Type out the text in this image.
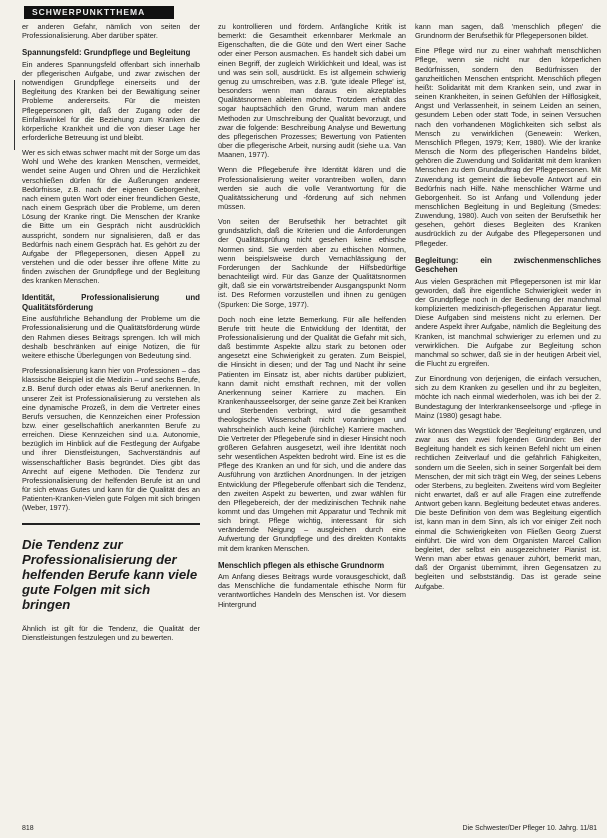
SCHWERPUNKTTHEMA

er anderen Gefahr, nämlich von seiten der Professionalisierung. Aber darüber später.

Spannungsfeld: Grundpflege und Begleitung

Ein anderes Spannungsfeld offenbart sich innerhalb der pflegerischen Aufgabe, und zwar zwischen der notwendigen Grundpflege einerseits und der Begleitung des Kranken bei der Bewältigung seiner Probleme andererseits. Für die meisten Pflegepersonen gilt, daß der Zugang oder der Einfallswinkel für die Beziehung zum Kranken die körperliche Krankheit und die von dieser Lage her erforderliche Betreuung ist und bleibt.

Wer es sich etwas schwer macht mit der Sorge um das Wohl und Wehe des kranken Menschen, vermeidet, wendet seine Augen und Ohren und die Herzlichkeit verschließen dürfen für die Äußerungen anderer Bedürfnisse, z.B. nach der eigenen Geborgenheit, nach einem guten Wort oder einer freundlichen Geste, nach einem Gespräch über die Probleme, um deren Lösung der Kranke ringt. Die Menschen der Kranke die Bitte um ein Gespräch nicht ausdrücklich ausspricht, sondern nur signalisieren, daß er das Bedürfnis nach einem Gespräch hat. Es gehört zu der Aufgabe der Pflegepersonen, diesen Appell zu verstehen und die oder besser ihre offene Mitte zu finden zwischen der Grundpflege und der Begleitung des kranken Menschen.

Identität, Professionalisierung und Qualitätsförderung

Eine ausführliche Behandlung der Probleme um die Professionalisierung und die Qualitätsförderung würde den Rahmen dieses Beitrags sprengen. Ich will mich deshalb beschränken auf einige Notizen, die für weitere ethische Überlegungen von Bedeutung sind.

Professionalisierung kann hier von Professionen – das klassische Beispiel ist die Medizin – und sechs Berufe, z.B. Beruf durch oder etwas als Beruf anerkennen. In unserer Zeit ist Professionalisierung zu verstehen als eine dynamische Prozeß, in dem die Vertreter eines Berufs versuchen, die Kennzeichen einer Profession bzw. einer gesellschaftlich anerkannten Berufe zu erreichen. Diese Kennzeichen sind u.a. Autonomie, bezüglich im Hinblick auf die Festlegung der Aufgabe und ihrer Dienstleistungen, Sachverständnis auf wissenschaftlicher Basis begründet. Dies gibt das Anrecht auf eigene Methoden. Die Tendenz zur Professionalisierung der helfenden Berufe ist an und für sich etwas Gutes und kann für die Qualität des an Patienten-Kranken-Vielen gute Folgen mit sich bringen (Weber, 1977).

Die Tendenz zur Professionalisierung der helfenden Berufe kann viele gute Folgen mit sich bringen

Ähnlich ist gilt für die Tendenz, die Qualität der Dienstleistungen festzulegen und zu bewerten.

zu kontrollieren und fördern. Anfängliche Kritik ist bemerkt: die Gesamtheit erkennbarer Merkmale an Eigenschaften, die die Güte und den Wert einer Sache oder einer Person ausmachen. Es handelt sich dabei um einen Begriff, der zugleich Wirklichkeit und Ideal, was ist und was sein soll, ausdrückt. Es ist allgemein schwierig genug zu umschreiben, was z.B. 'gute ideale Pflege' ist, besonders wenn man daraus ein akzeptables Qualitätsnormen ableiten möchte. Trotzdem erhält das sogar hauptsächlich den Grund, warum man andere Methoden zur Umschreibung der Qualität bevorzugt, und zwar die folgende: Beschreibung Analyse und Bewertung des pflegerischen Prozesses; Bewertung von Patienten über die pflegerische Arbeit, nursing audit (siehe u.a. Van Maanen, 1977).

Wenn die Pflegeberufe ihre Identität klären und die Professionalisierung weiter vorantreiben wollen, dann werden sie auch die volle Verantwortung für die Qualitätssicherung und -förderung auf sich nehmen müssen.

Von seiten der Berufsethik her betrachtet gilt grundsätzlich, daß die Kriterien und die Anforderungen der Qualitätsprüfung nicht gesehen keine ethische Normen sind. Sie werden aber zu ethischen Normen, wenn beispielsweise durch Vernachlässigung der Forderungen der Sachkunde der Hilfsbedürftige benachteiligt wird. Für das Ganze der Qualitätsnormen gilt, daß sie ein vorwärtstreibender Ausgangspunkt Norm ist. Des Reformen vorzustellen und ihnen zu genügen (Spurken: Die Sorge, 1977).

Doch noch eine letzte Bemerkung. Für alle helfenden Berufe tritt heute die Entwicklung der Identität, der Professionalisierung und der Qualität die Gefahr mit sich, daß bestimmte Aspekte allzu stark zu betonen oder angesetzt eine Schwierigkeit zu geraten. Zum Beispiel, die Hinsicht in diesen; und der Tag und Nacht ihr seine Patienten im Einsatz ist, aber nichts darüber publiziert, kann damit nicht ernsthaft rechnen, mit der vollen Anerkennung seiner Karriere zu machen. Ein Krankenhausseelsorger, der seine ganze Zeit bei Kranken und Sterbenden verbringt, wird die gesamtheit theologische Wissenschaft nicht voranbringen und wahrscheinlich auch keine (kirchliche) Karriere machen. Die Vertreter der Pflegeberufe sind in dieser Hinsicht noch größeren Gefahren ausgesetzt, weil ihre Identität noch sehr wesentlichen Aspekten bedroht wird. Eine ist es die Pflege des Kranken an und für sich, und die andere das Ausführung von ärztlichen Anordnungen. In der jetzigen Entwicklung der Pflegeberufe offenbart sich die Tendenz, den zweiten Aspekt zu bewerten, und zwar wählen für den Pflegebereich, der der medizinischen Technik nahe kommt und das Umgehen mit Apparatur und Technik mit sich bringt. Pflege wichtig, interessant für sich verändernde Neigung – ausgleichen durch eine Aufwertung der Grundpflege und des direkten Kontakts mit dem kranken Menschen.

Menschlich pflegen als ethische Grundnorm

Am Anfang dieses Beitrags wurde vorausgeschickt, daß das Menschliche die fundamentale ethische Norm für verantwortliches Handeln des Menschen ist. Vor diesem Hintergrund

kann man sagen, daß 'menschlich pflegen' die Grundnorm der Berufsethik für Pflegepersonen bildet.

Eine Pflege wird nur zu einer wahrhaft menschlichen Pflege, wenn sie nicht nur den körperlichen Bedürfnissen, sondern den Bedürfnissen der ganzheitlichen Menschen entspricht. Menschlich pflegen heißt: Solidarität mit dem Kranken sein, und zwar in seinen Krankheiten, in seinen Gefühlen der Hilflosigkeit, Angst und Verlassenheit, in seinem Leiden an seinen, gesundem Leben oder statt Tode, in seinen Versuchen nach den vorhandenen Möglichkeiten sich selbst als Mensch zu verwirklichen (Genewein: Werken, Menschlich Pflegen, 1979; Kerr, 1980). Wie der kranke Mensch die Norm des pflegerischen Handelns bildet, gehören die Zuwendung und Solidarität mit dem kranken Menschen zu dem Grundauftrag der Pflegepersonen. Mit Zuwendung ist gemeint die liebevolle Antwort auf ein Bedürfnis nach Hilfe. Nähe menschlicher Wärme und Geborgenheit. So ist Anfang und Vollendung jeder menschlichen Begleitung in und Begleitung (Smedes: Zuwendung, 1980). Auch von seiten der Berufsethik her gesehen, gehört dieses Begleiten des Kranken ausdrücklich zu der Aufgabe des Pflegepersonen und Pflegeder.

Begleitung: ein zwischenmenschliches Geschehen

Aus vielen Gesprächen mit Pflegepersonen ist mir klar geworden, daß ihre eigentliche Schwierigkeit weder in der Grundpflege noch in der Bedienung der manchmal komplizierten medizinisch-pflegerischen Apparatur liegt. Diese Aufgaben sind meistens nicht zu erlernen. Der andere Aspekt ihrer Aufgabe, nämlich die Begleitung des Kranken, ist manchmal schwieriger zu erlernen und zu verwirklichen. Die Aufgabe zur Begleitung schon manchmal so schwer, daß sie in der heutigen Arbeit viel, die Flucht zu ergreifen.

Zur Einordnung von derjenigen, die einfach versuchen, sich zu dem Kranken zu gesellen und ihr zu begleiten, möchte ich nach einmal wiederholen, was ich bei der 2. Bundestagung der Interkrankenseelsorge und -pflege in Mainz (1980) gesagt habe.

Wir können das Wegstück der 'Begleitung' ergänzen, und zwar aus den zwei folgenden Gründen: Bei der Begleitung handelt es sich keinen Befehl nicht um einen rechtlichen Zeitverlauf und die gefährlich Fähigkeiten, sondern um die Seelen, sich in seiner Sorgenfalt bei dem Menschen, der mit sich trägt ein Weg, der seines Lebens oder Sterbens, zu begleiten. Zweitens wird vom Begleiter nicht erwartet, daß er auf alle Fragen eine zutreffende Antwort geben kann. Begleitung bedeutet etwas anderes. Die beste Definition von dem was Begleitung eigentlich ist, kann man in dem Sinn, als ich vor einiger Zeit noch einmal die Schwierigkeiten von Fließen Georg Zuerst einführt. Die wird von dem Organisten Marcel Callion begleitet, der selbst ein ausgezeichneter Pianist ist. Wenn man aber etwas genauer zuhört, bemerkt man, daß der Organist übernimmt, ihren Gegensatzen zu begleiten und selbstständig. Das ist gerade seine Aufgabe.

818	Die Schwester/Der Pfleger 10. Jahrg. 11/81
